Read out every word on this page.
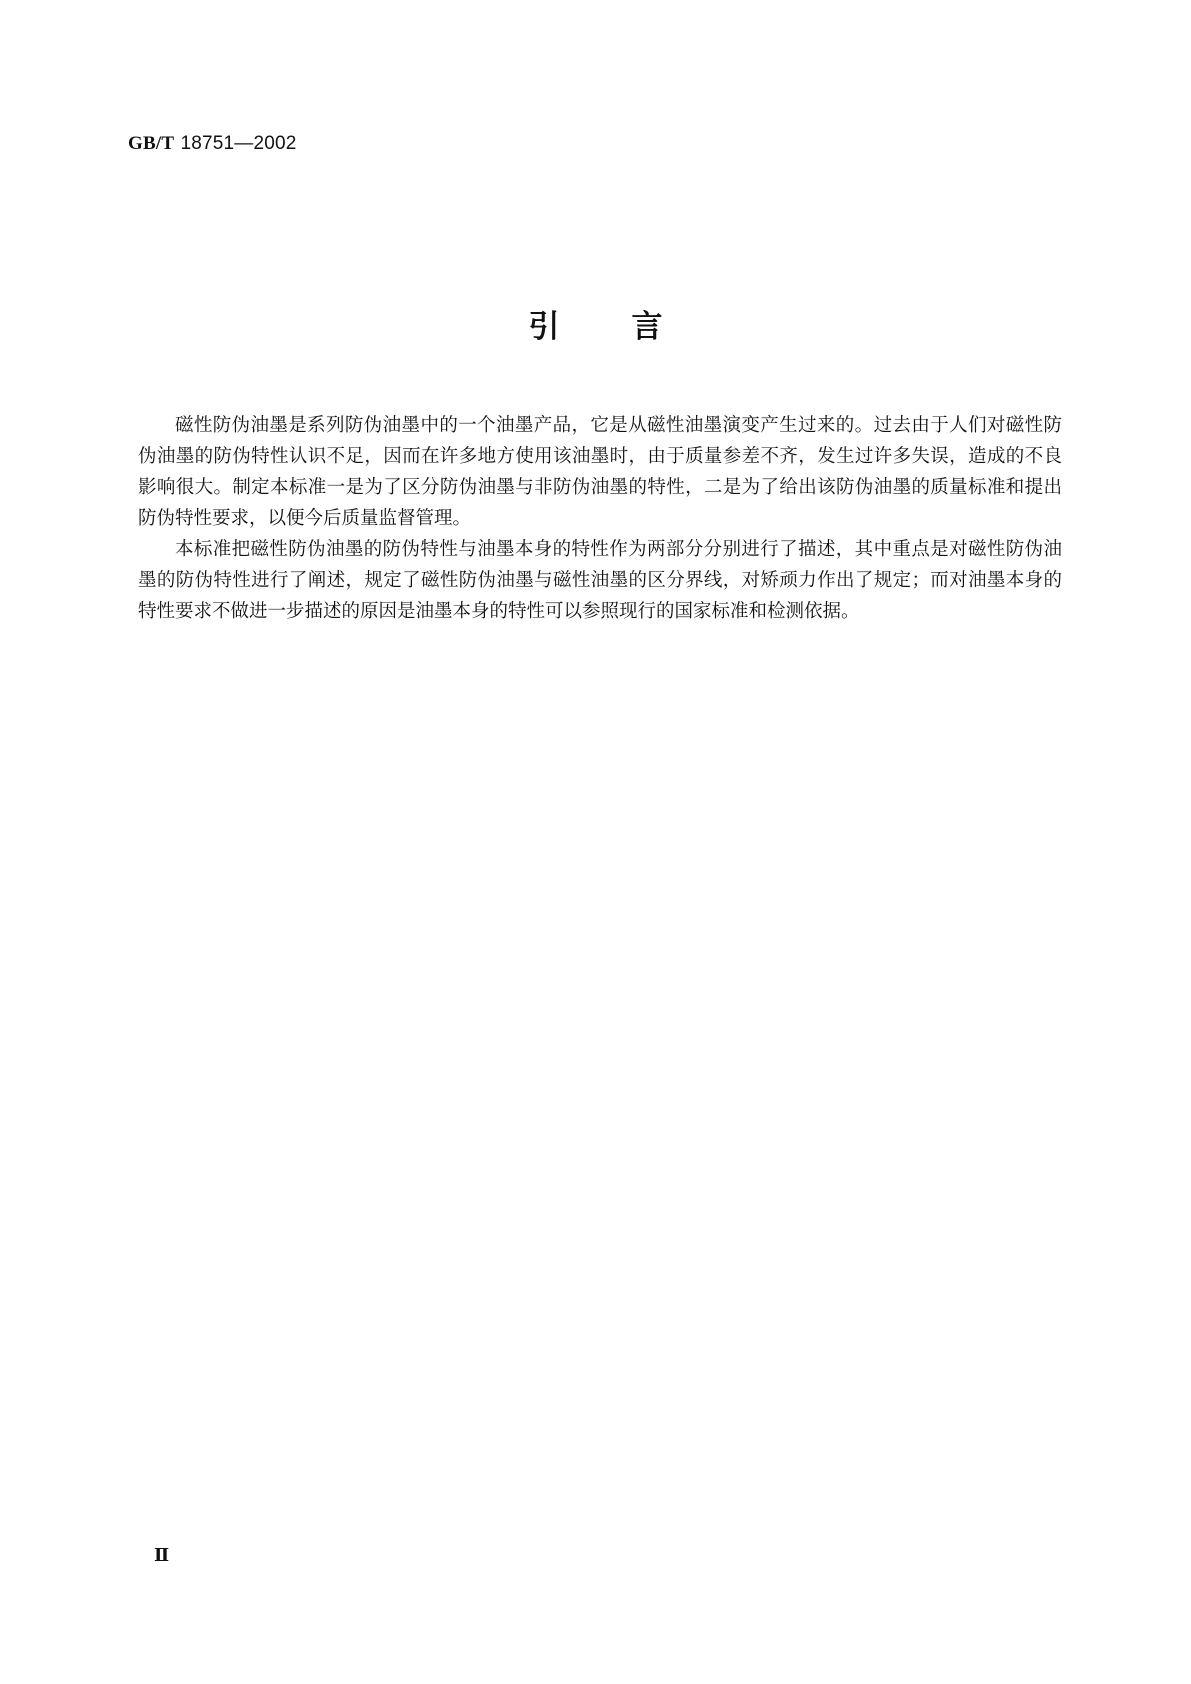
GB/T 18751—2002
引言

磁性防伪油墨是系列防伪油墨中的一个油墨产品，它是从磁性油墨演变产生过来的。过去由于人们对磁性防伪油墨的防伪特性认识不足，因而在许多地方使用该油墨时，由于质量参差不齐，发生过许多失误，造成的不良影响很大。制定本标准一是为了区分防伪油墨与非防伪油墨的特性，二是为了给出该防伪油墨的质量标准和提出防伪特性要求，以便今后质量监督管理。

本标准把磁性防伪油墨的防伪特性与油墨本身的特性作为两部分分别进行了描述，其中重点是对磁性防伪油墨的防伪特性进行了阐述，规定了磁性防伪油墨与磁性油墨的区分界线，对矫顽力作出了规定；而对油墨本身的特性要求不做进一步描述的原因是油墨本身的特性可以参照现行的国家标准和检测依据。

Ⅱ
